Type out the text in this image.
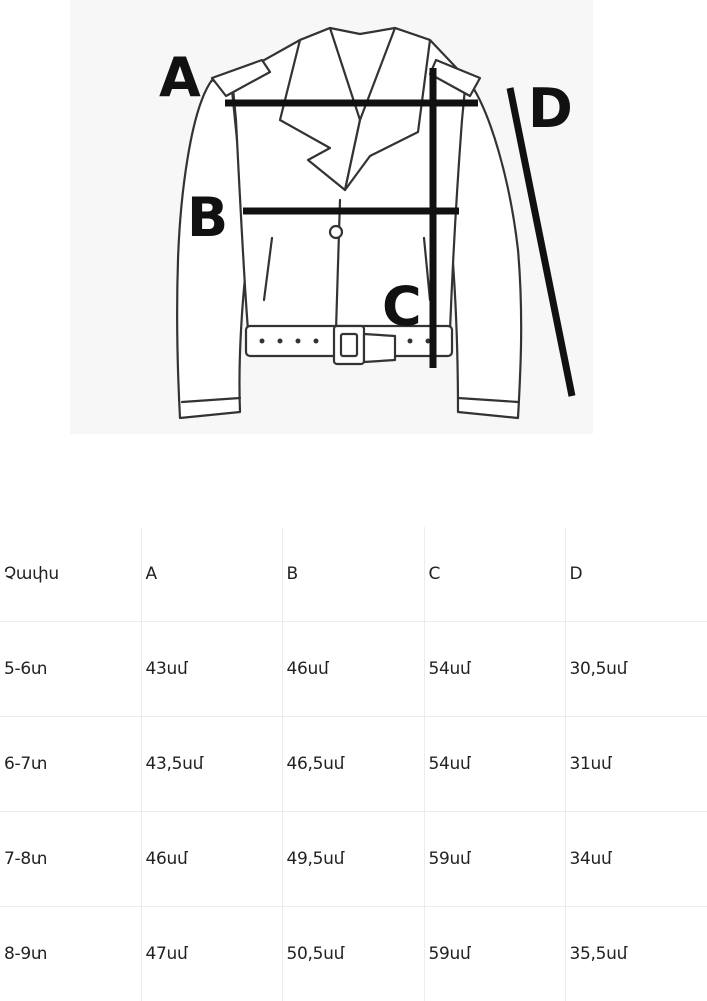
A
B
C
D
Չափս	A	B	C	D
5-6տ	43սմ	46սմ	54սմ	30,5սմ
6-7տ	43,5սմ	46,5սմ	54սմ	31սմ
7-8տ	46սմ	49,5սմ	59սմ	34սմ
8-9տ	47սմ	50,5սմ	59սմ	35,5սմ
